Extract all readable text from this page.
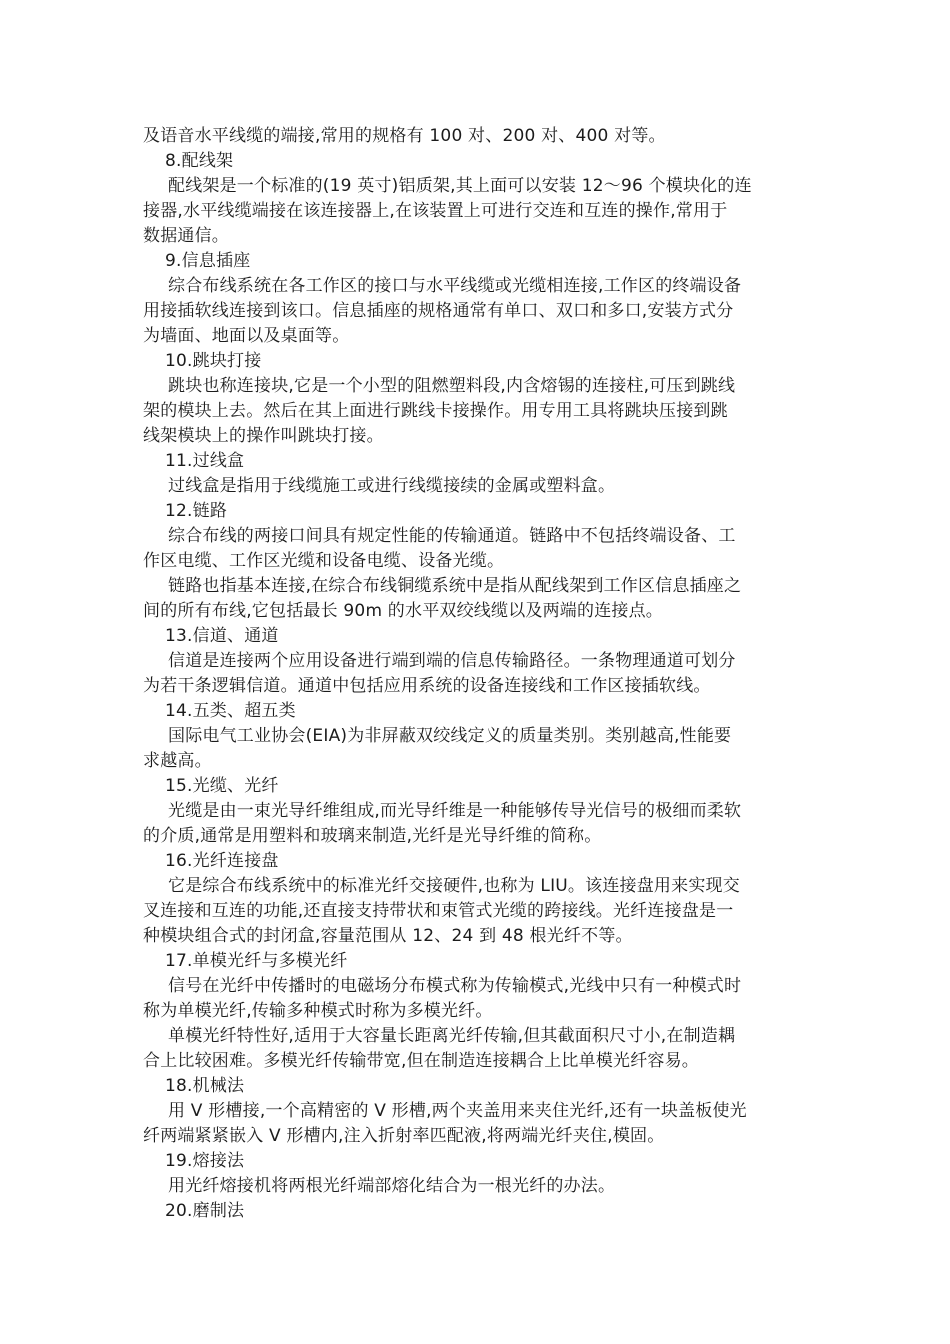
及语音水平线缆的端接,常用的规格有 100 对、200 对、400 对等。
8.配线架
配线架是一个标准的(19 英寸)铝质架,其上面可以安装 12～96 个模块化的连
接器,水平线缆端接在该连接器上,在该装置上可进行交连和互连的操作,常用于
数据通信。
9.信息插座
综合布线系统在各工作区的接口与水平线缆或光缆相连接,工作区的终端设备
用接插软线连接到该口。信息插座的规格通常有单口、双口和多口,安装方式分
为墙面、地面以及桌面等。
10.跳块打接
跳块也称连接块,它是一个小型的阻燃塑料段,内含熔锡的连接柱,可压到跳线
架的模块上去。然后在其上面进行跳线卡接操作。用专用工具将跳块压接到跳
线架模块上的操作叫跳块打接。
11.过线盒
过线盒是指用于线缆施工或进行线缆接续的金属或塑料盒。
12.链路
综合布线的两接口间具有规定性能的传输通道。链路中不包括终端设备、工
作区电缆、工作区光缆和设备电缆、设备光缆。
链路也指基本连接,在综合布线铜缆系统中是指从配线架到工作区信息插座之
间的所有布线,它包括最长 90m 的水平双绞线缆以及两端的连接点。
13.信道、通道
信道是连接两个应用设备进行端到端的信息传输路径。一条物理通道可划分
为若干条逻辑信道。通道中包括应用系统的设备连接线和工作区接插软线。
14.五类、超五类
国际电气工业协会(EIA)为非屏蔽双绞线定义的质量类别。类别越高,性能要
求越高。
15.光缆、光纤
光缆是由一束光导纤维组成,而光导纤维是一种能够传导光信号的极细而柔软
的介质,通常是用塑料和玻璃来制造,光纤是光导纤维的简称。
16.光纤连接盘
它是综合布线系统中的标准光纤交接硬件,也称为 LIU。该连接盘用来实现交
叉连接和互连的功能,还直接支持带状和束管式光缆的跨接线。光纤连接盘是一
种模块组合式的封闭盒,容量范围从 12、24 到 48 根光纤不等。
17.单模光纤与多模光纤
信号在光纤中传播时的电磁场分布模式称为传输模式,光线中只有一种模式时
称为单模光纤,传输多种模式时称为多模光纤。
单模光纤特性好,适用于大容量长距离光纤传输,但其截面积尺寸小,在制造耦
合上比较困难。多模光纤传输带宽,但在制造连接耦合上比单模光纤容易。
18.机械法
用 V 形槽接,一个高精密的 V 形槽,两个夹盖用来夹住光纤,还有一块盖板使光
纤两端紧紧嵌入 V 形槽内,注入折射率匹配液,将两端光纤夹住,模固。
19.熔接法
用光纤熔接机将两根光纤端部熔化结合为一根光纤的办法。
20.磨制法
